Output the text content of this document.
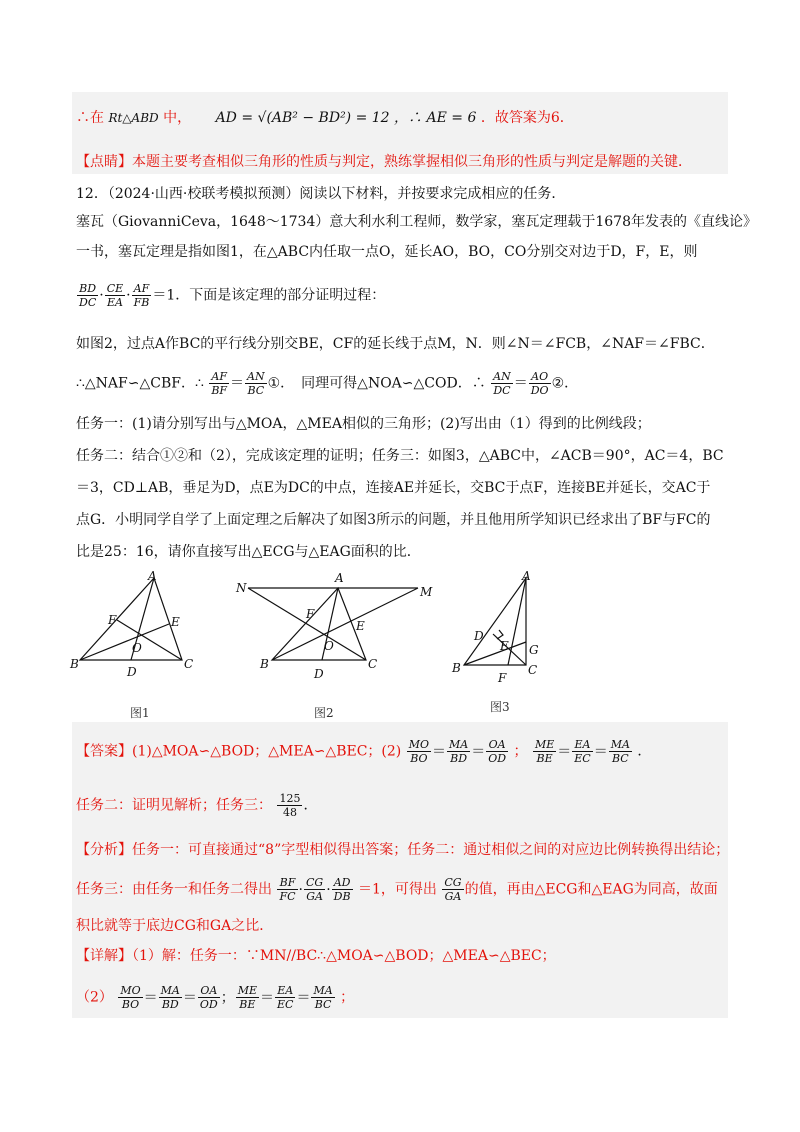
∴在 Rt△ABD 中， AD = √(AB² − BD²) = 12 ，∴ AE = 6 ．故答案为6．
【点睛】本题主要考查相似三角形的性质与判定，熟练掌握相似三角形的性质与判定是解题的关键．
12．（2024·山西·校联考模拟预测）阅读以下材料，并按要求完成相应的任务．
塞瓦（GiovanniCeva，1648～1734）意大利水利工程师，数学家，塞瓦定理载于1678年发表的《直线论》
一书，塞瓦定理是指如图1，在△ABC内任取一点O，延长AO，BO，CO分别交对边于D，F，E，则
$\frac{BD}{DC} \cdot \frac{CE}{EA} \cdot \frac{AF}{FB} =1$．下面是该定理的部分证明过程：
如图2，过点A作BC的平行线分别交BE，CF的延长线于点M，N．则∠N＝∠FCB，∠NAF＝∠FBC．
∴△NAF∽△CBF．∴ $\frac{AF}{BF} = \frac{AN}{BC}$ ①．　同理可得△NOA∽△COD．∴ $\frac{AN}{DC} = \frac{AO}{DO}$ ②．
任务一：(1)请分别写出与△MOA，△MEA相似的三角形；(2)写出由（1）得到的比例线段；
任务二：结合①②和（2），完成该定理的证明；任务三：如图3，△ABC中，∠ACB＝90°，AC＝4，BC
＝3，CD⊥AB，垂足为D，点E为DC的中点，连接AE并延长，交BC于点F，连接BE并延长，交AC于
点G．小明同学自学了上面定理之后解决了如图3所示的问题，并且他用所学知识已经求出了BF与FC的
比是25：16，请你直接写出△ECG与△EAG面积的比．
A
B	C
D
E
F
O
N
A
M
B	C
D
E
F
O
A
B	C
D
E
F
G
图1	图2	图3
【答案】(1)△MOA∽△BOD；△MEA∽△BEC；$(2) \frac{MO}{BO} = \frac{MA}{BD} = \frac{OA}{OD}$ ； $\frac{ME}{BE} = \frac{EA}{EC} = \frac{MA}{BC}$ ．
任务二：证明见解析；任务三： $\frac{125}{48}$ ．
【分析】任务一：可直接通过“8”字型相似得出答案；任务二：通过相似之间的对应边比例转换得出结论；
任务三：由任务一和任务二得出 $\frac{BF}{FC} \cdot \frac{CG}{GA} \cdot \frac{AD}{DB} =1$，可得出 $\frac{CG}{GA}$ 的值，再由△ECG和△EAG为同高，故面
积比就等于底边CG和GA之比．
【详解】（1）解：任务一：∵MN//BC∴△MOA∽△BOD；△MEA∽△BEC；
$(2) \frac{MO}{BO} = \frac{MA}{BD} = \frac{OA}{OD}$ ； $\frac{ME}{BE} = \frac{EA}{EC} = \frac{MA}{BC}$ ；
